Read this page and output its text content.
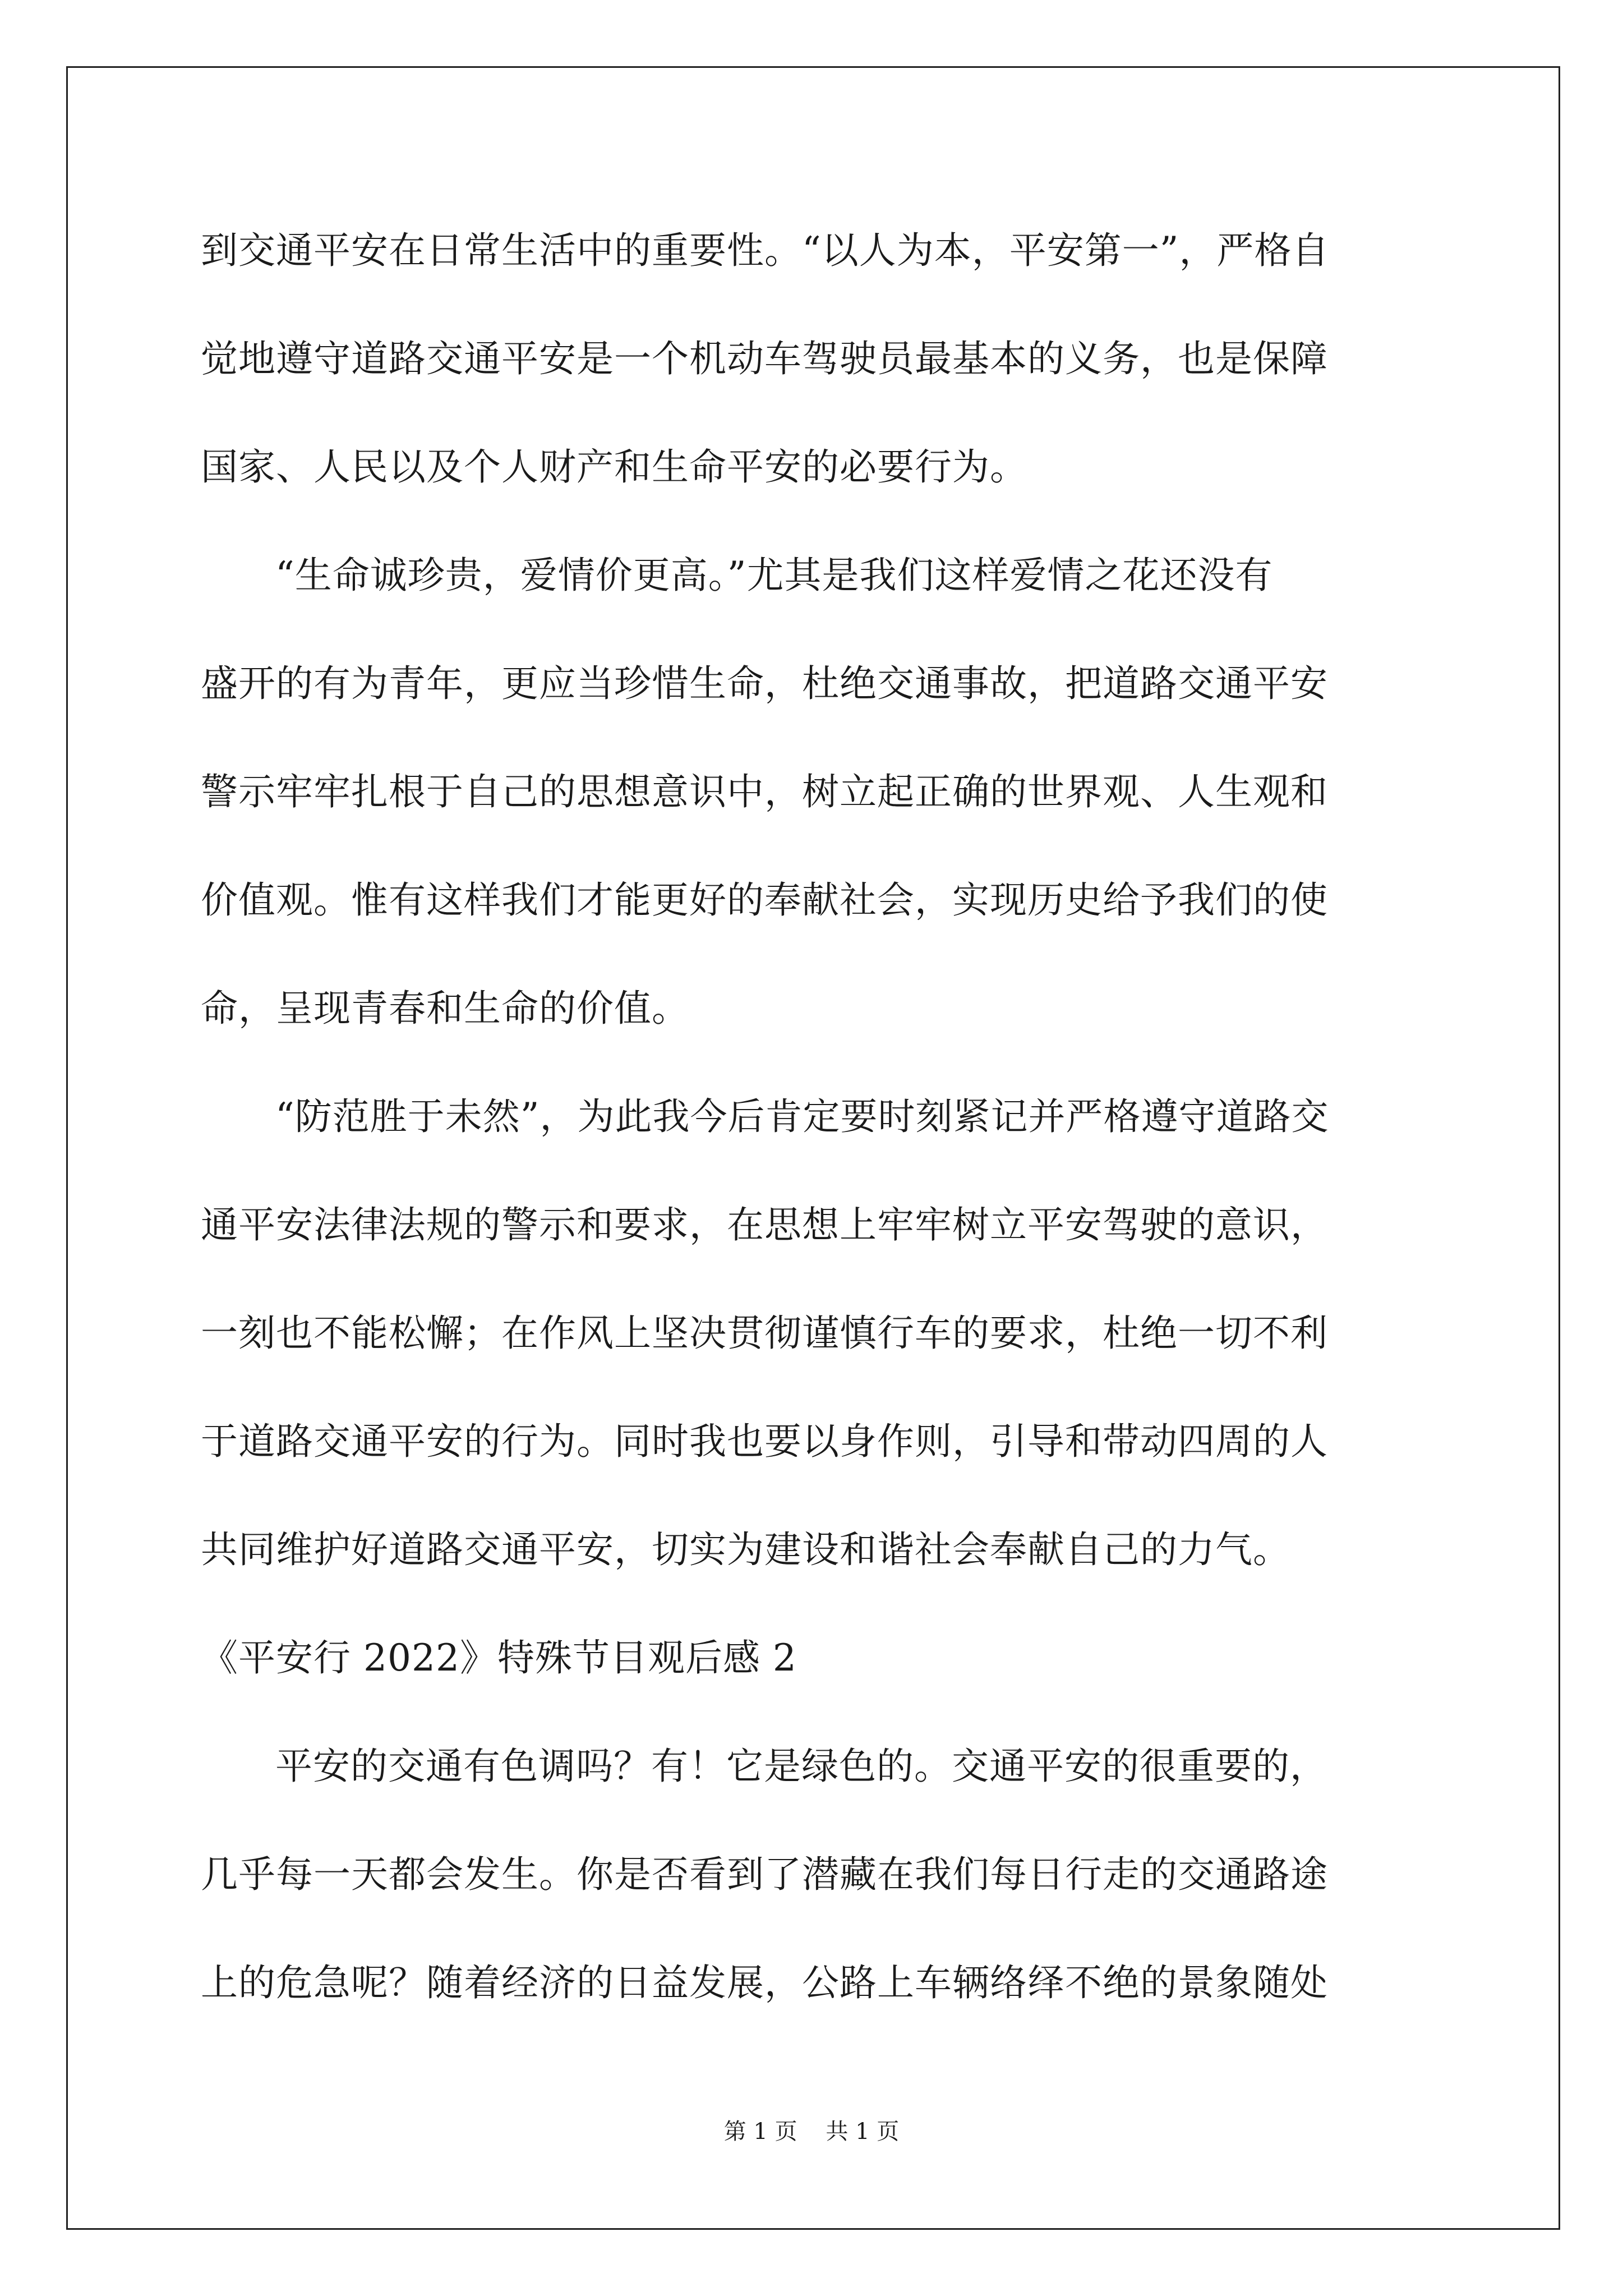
到交通平安在日常生活中的重要性。“以人为本，平安第一”，严格自
觉地遵守道路交通平安是一个机动车驾驶员最基本的义务，也是保障
国家、人民以及个人财产和生命平安的必要行为。
“生命诚珍贵，爱情价更高。”尤其是我们这样爱情之花还没有
盛开的有为青年，更应当珍惜生命，杜绝交通事故，把道路交通平安
警示牢牢扎根于自己的思想意识中，树立起正确的世界观、人生观和
价值观。惟有这样我们才能更好的奉献社会，实现历史给予我们的使
命，呈现青春和生命的价值。
“防范胜于未然”，为此我今后肯定要时刻紧记并严格遵守道路交
通平安法律法规的警示和要求，在思想上牢牢树立平安驾驶的意识，
一刻也不能松懈；在作风上坚决贯彻谨慎行车的要求，杜绝一切不利
于道路交通平安的行为。同时我也要以身作则，引导和带动四周的人
共同维护好道路交通平安，切实为建设和谐社会奉献自己的力气。
《平安行 2022》特殊节目观后感 2
平安的交通有色调吗？有！它是绿色的。交通平安的很重要的，
几乎每一天都会发生。你是否看到了潜藏在我们每日行走的交通路途
上的危急呢？随着经济的日益发展，公路上车辆络绎不绝的景象随处
第 1 页    共 1 页
